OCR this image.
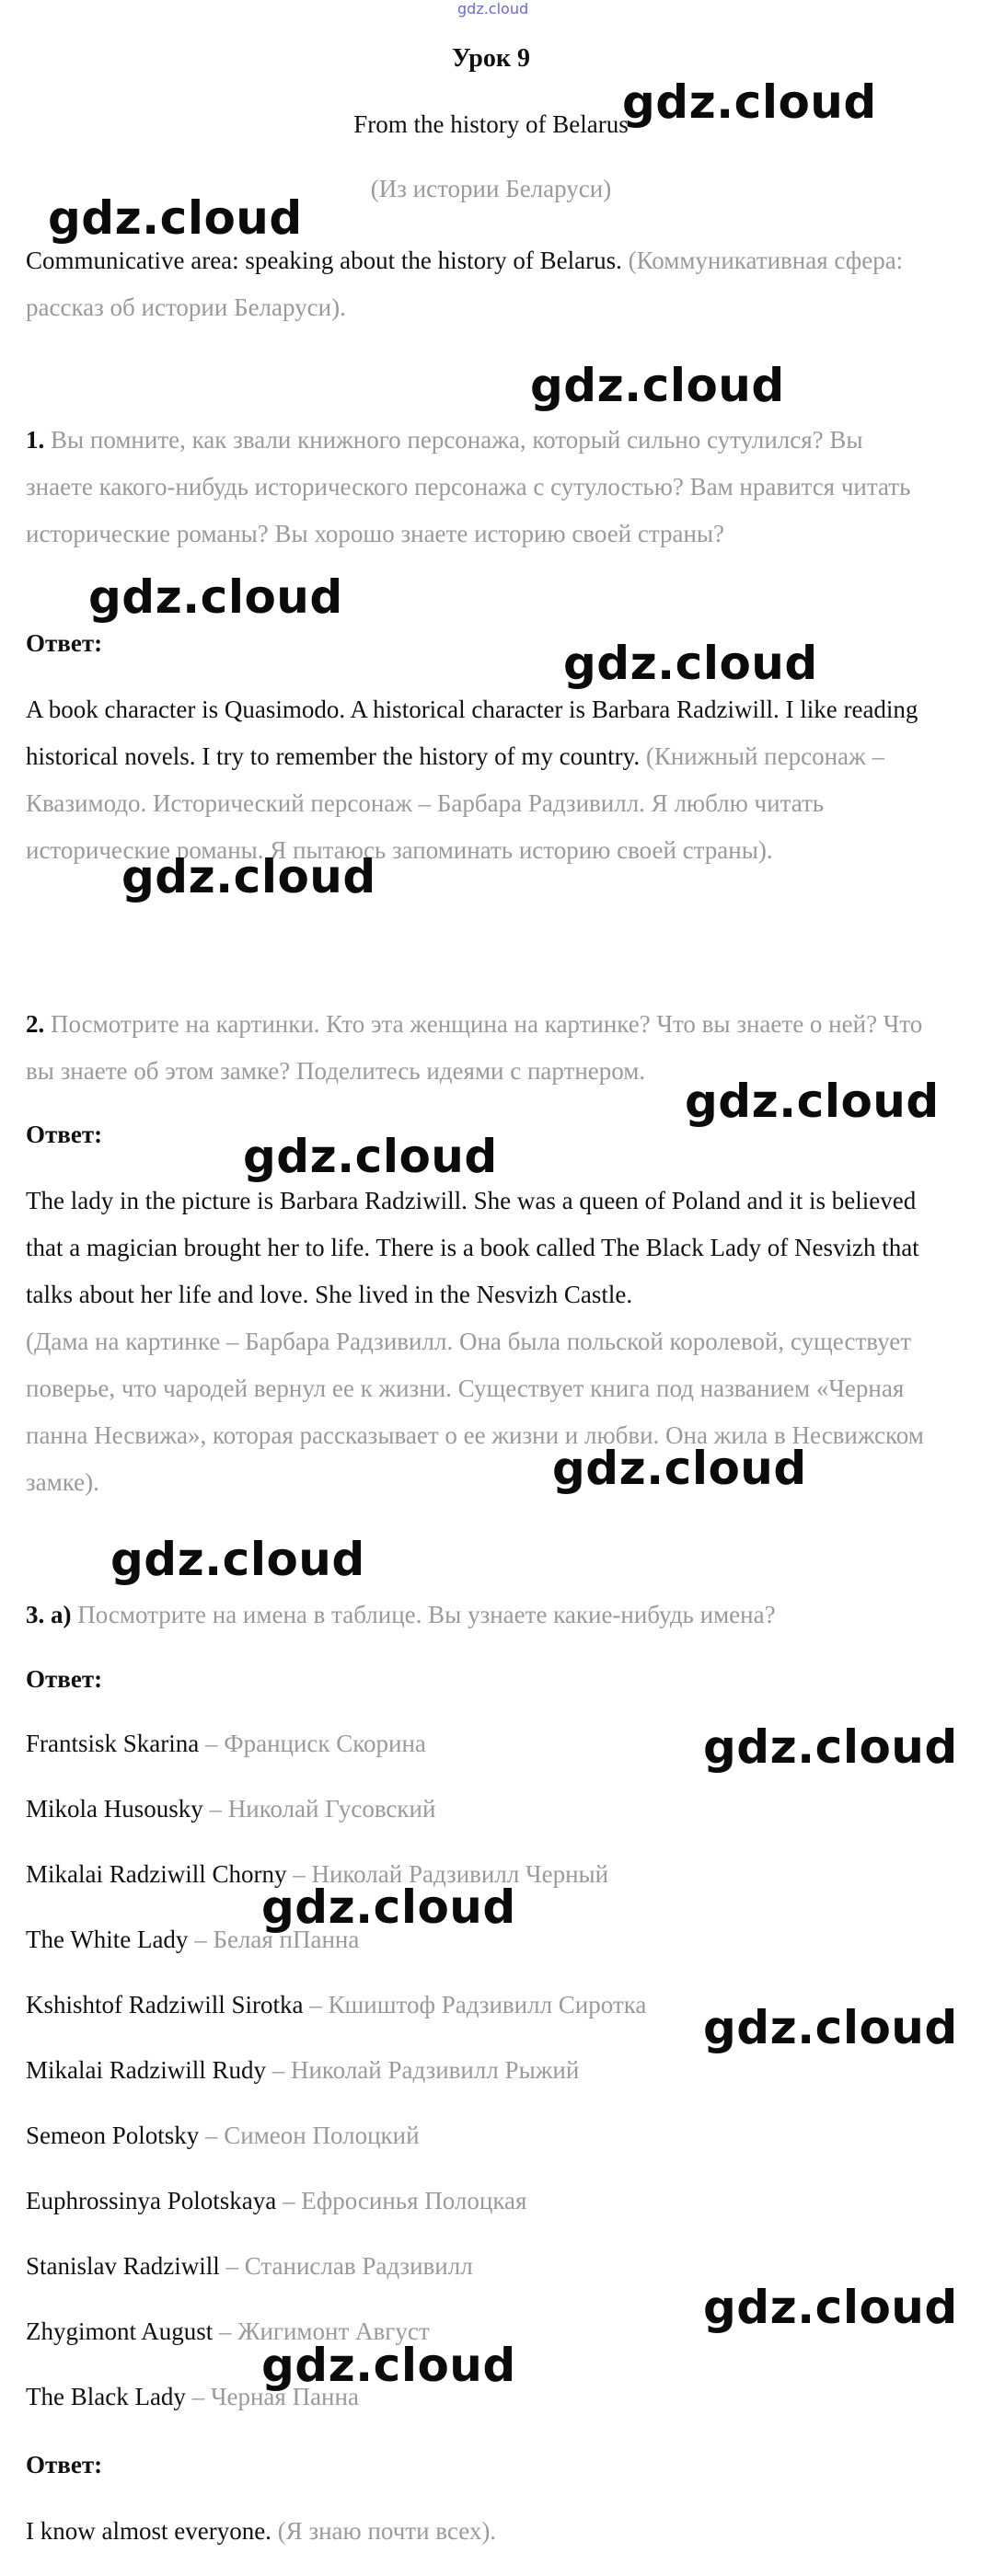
gdz.cloud
Урок 9
From the history of Belarus
(Из истории Беларуси)

Communicative area: speaking about the history of Belarus. (Коммуникативная сфера: рассказ об истории Беларуси).

1. Вы помните, как звали книжного персонажа, который сильно сутулился? Вы знаете какого-нибудь исторического персонажа с сутулостью? Вам нравится читать исторические романы? Вы хорошо знаете историю своей страны?

Ответ:

A book character is Quasimodo. A historical character is Barbara Radziwill. I like reading historical novels. I try to remember the history of my country. (Книжный персонаж – Квазимодо. Исторический персонаж – Барбара Радзивилл. Я люблю читать исторические романы. Я пытаюсь запоминать историю своей страны).

2. Посмотрите на картинки. Кто эта женщина на картинке? Что вы знаете о ней? Что вы знаете об этом замке? Поделитесь идеями с партнером.

Ответ:

The lady in the picture is Barbara Radziwill. She was a queen of Poland and it is believed that a magician brought her to life. There is a book called The Black Lady of Nesvizh that talks about her life and love. She lived in the Nesvizh Castle.

(Дама на картинке – Барбара Радзивилл. Она была польской королевой, существует поверье, что чародей вернул ее к жизни. Существует книга под названием «Черная панна Несвижа», которая рассказывает о ее жизни и любви. Она жила в Несвижском замке).

3. а) Посмотрите на имена в таблице. Вы узнаете какие-нибудь имена?

Ответ:
Frantsisk Skarina – Франциск Скорина
Mikola Husousky – Николай Гусовский
Mikalai Radziwill Chorny – Николай Радзивилл Черный
The White Lady – Белая пПанна
Kshishtof Radziwill Sirotka – Кшиштоф Радзивилл Сиротка
Mikalai Radziwill Rudy – Николай Радзивилл Рыжий
Semeon Polotsky – Симеон Полоцкий
Euphrossinya Polotskaya – Ефросинья Полоцкая
Stanislav Radziwill – Станислав Радзивилл
Zhygimont August – Жигимонт Август
The Black Lady – Черная Панна
Ответ:
I know almost everyone. (Я знаю почти всех).
gdz.cloud
gdz.cloud
gdz.cloud
gdz.cloud
gdz.cloud
gdz.cloud
gdz.cloud
gdz.cloud
gdz.cloud
gdz.cloud
gdz.cloud
gdz.cloud
gdz.cloud
gdz.cloud
gdz.cloud
